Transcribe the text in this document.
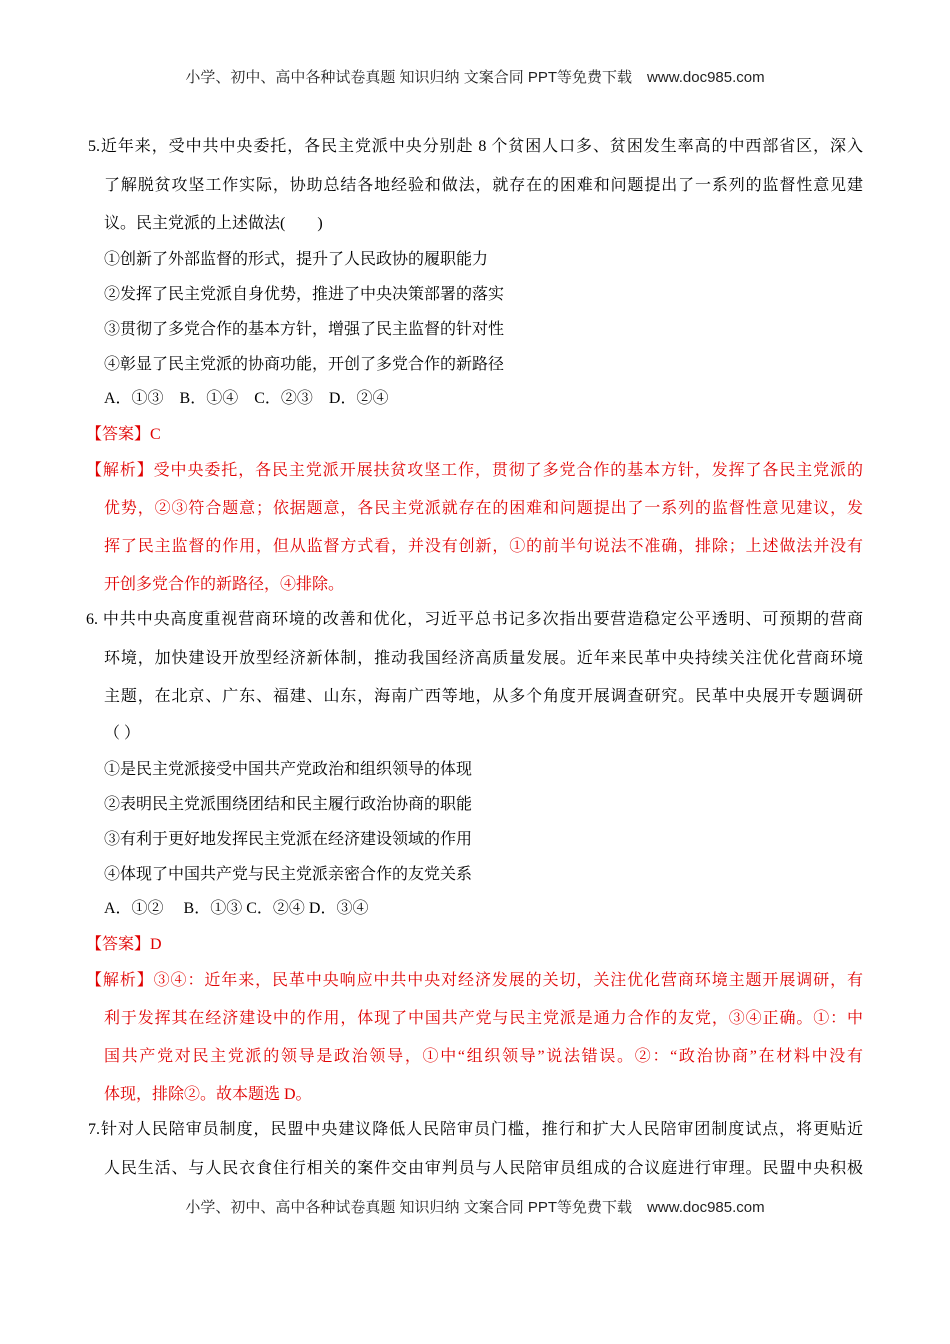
小学、初中、高中各种试卷真题 知识归纳 文案合同 PPT等免费下载　www.doc985.com
5.近年来，受中共中央委托，各民主党派中央分别赴 8 个贫困人口多、贫困发生率高的中西部省区，深入
了解脱贫攻坚工作实际，协助总结各地经验和做法，就存在的困难和问题提出了一系列的监督性意见建
议。民主党派的上述做法(　　)
①创新了外部监督的形式，提升了人民政协的履职能力
②发挥了民主党派自身优势，推进了中央决策部署的落实
③贯彻了多党合作的基本方针，增强了民主监督的针对性
④彰显了民主党派的协商功能，开创了多党合作的新路径
A．①③　B．①④　C．②③　D．②④
【答案】C
【解析】受中央委托，各民主党派开展扶贫攻坚工作，贯彻了多党合作的基本方针，发挥了各民主党派的
优势，②③符合题意；依据题意，各民主党派就存在的困难和问题提出了一系列的监督性意见建议，发
挥了民主监督的作用，但从监督方式看，并没有创新，①的前半句说法不准确，排除；上述做法并没有
开创多党合作的新路径，④排除。
6. 中共中央高度重视营商环境的改善和优化，习近平总书记多次指出要营造稳定公平透明、可预期的营商
环境，加快建设开放型经济新体制，推动我国经济高质量发展。近年来民革中央持续关注优化营商环境
主题，在北京、广东、福建、山东，海南广西等地，从多个角度开展调查研究。民革中央展开专题调研
（ ）
①是民主党派接受中国共产党政治和组织领导的体现
②表明民主党派围绕团结和民主履行政治协商的职能
③有利于更好地发挥民主党派在经济建设领域的作用
④体现了中国共产党与民主党派亲密合作的友党关系
A．①②　 B．①③ C．②④ D．③④
【答案】D
【解析】③④：近年来，民革中央响应中共中央对经济发展的关切，关注优化营商环境主题开展调研，有
利于发挥其在经济建设中的作用，体现了中国共产党与民主党派是通力合作的友党，③④正确。①：中
国共产党对民主党派的领导是政治领导，①中“组织领导”说法错误。②：“政治协商”在材料中没有
体现，排除②。故本题选 D。
7.针对人民陪审员制度，民盟中央建议降低人民陪审员门槛，推行和扩大人民陪审团制度试点，将更贴近
人民生活、与人民衣食住行相关的案件交由审判员与人民陪审员组成的合议庭进行审理。民盟中央积极
小学、初中、高中各种试卷真题 知识归纳 文案合同 PPT等免费下载　www.doc985.com
